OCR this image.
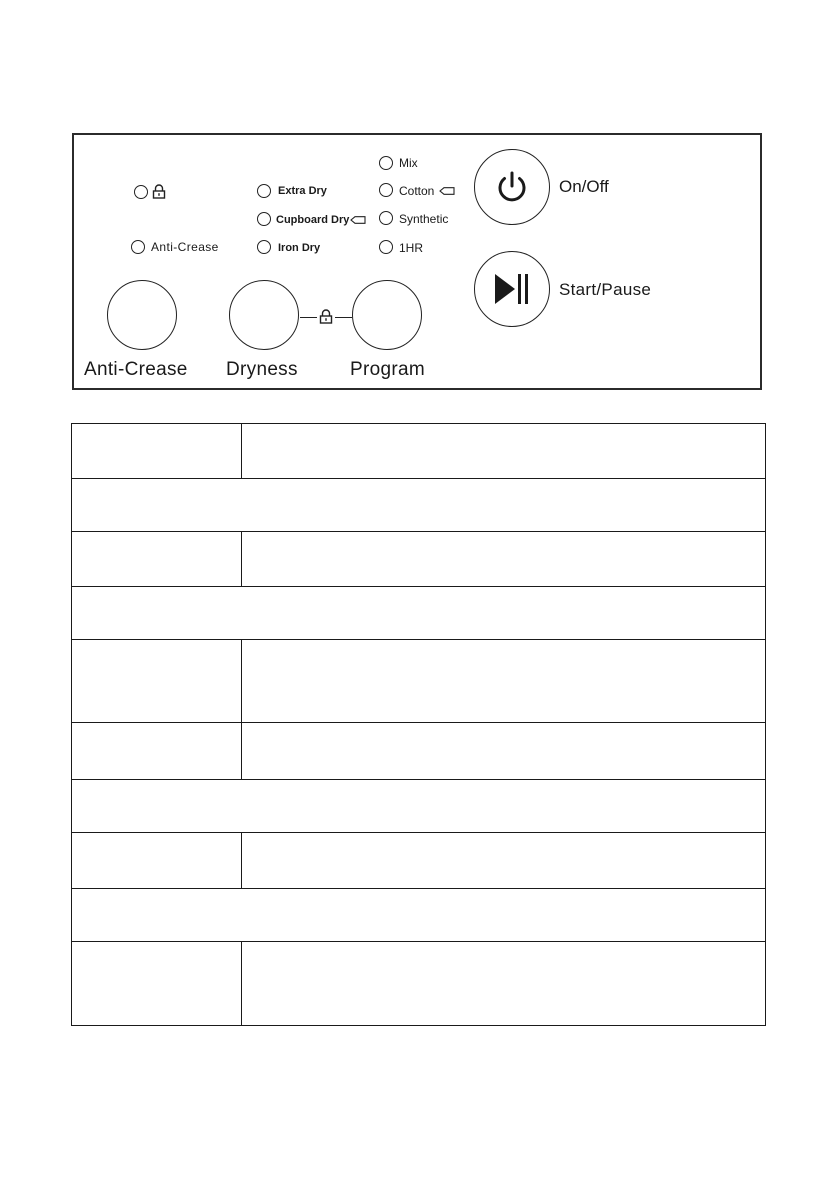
Anti-Crease
Extra Dry
Cupboard Dry
Iron Dry
Mix
Cotton
Synthetic
1HR
Anti-Crease Dryness	Program
On/Off
Start/Pause
